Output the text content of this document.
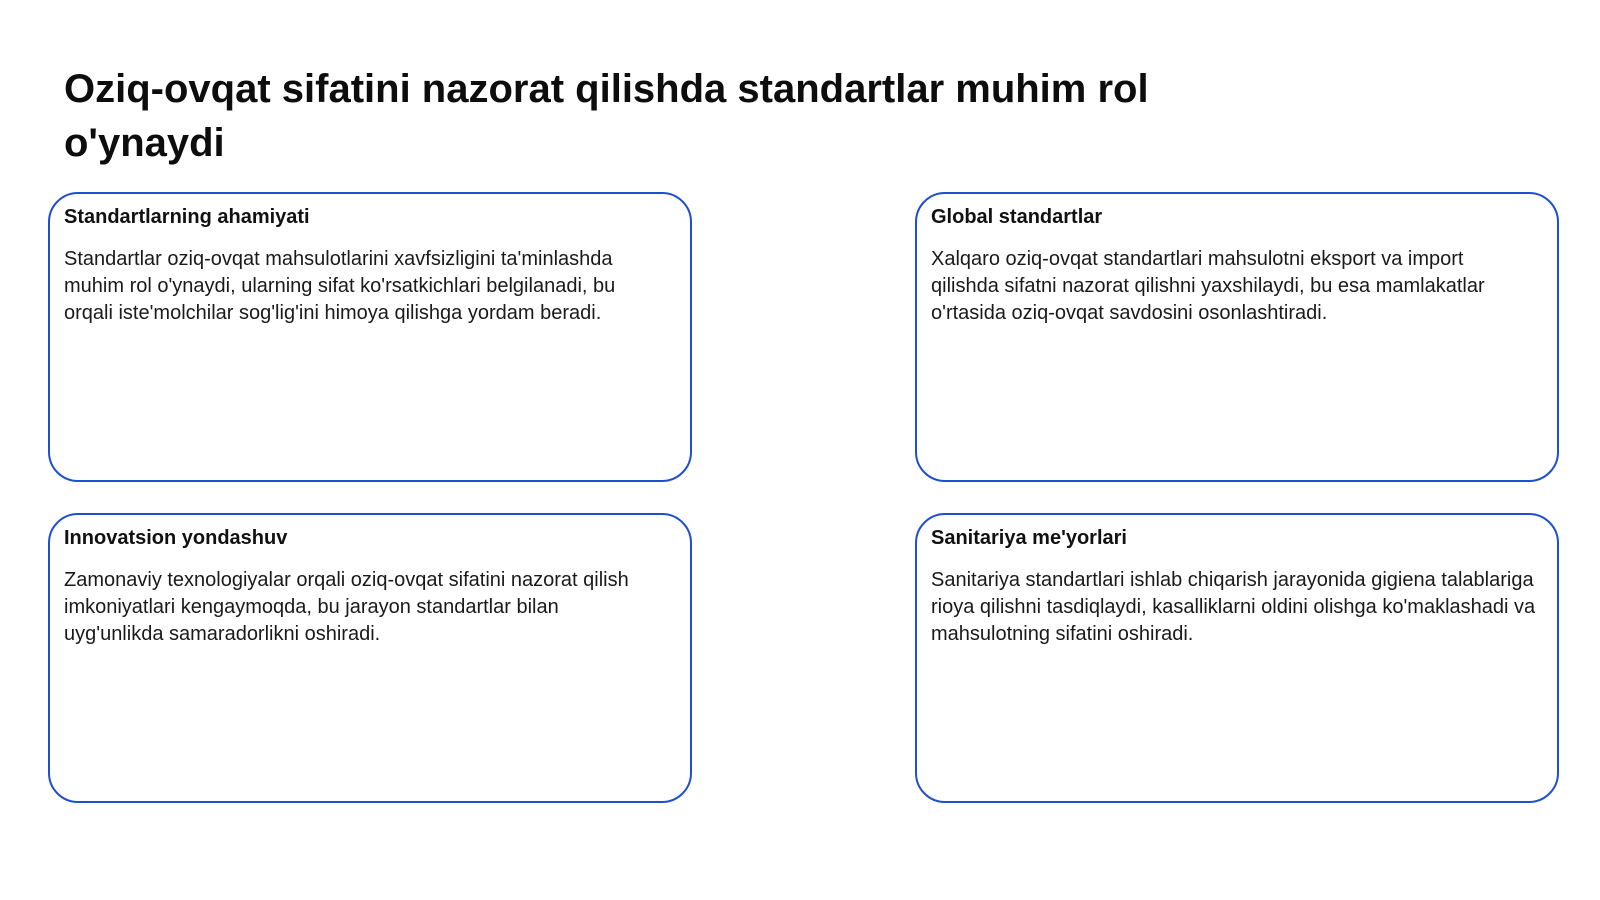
Oziq-ovqat sifatini nazorat qilishda standartlar muhim rol o'ynaydi
Standartlarning ahamiyati

Standartlar oziq-ovqat mahsulotlarini xavfsizligini ta'minlashda muhim rol o'ynaydi, ularning sifat ko'rsatkichlari belgilanadi, bu orqali iste'molchilar sog'lig'ini himoya qilishga yordam beradi.

Global standartlar

Xalqaro oziq-ovqat standartlari mahsulotni eksport va import qilishda sifatni nazorat qilishni yaxshilaydi, bu esa mamlakatlar o'rtasida oziq-ovqat savdosini osonlashtiradi.

Innovatsion yondashuv

Zamonaviy texnologiyalar orqali oziq-ovqat sifatini nazorat qilish imkoniyatlari kengaymoqda, bu jarayon standartlar bilan uyg'unlikda samaradorlikni oshiradi.

Sanitariya me'yorlari

Sanitariya standartlari ishlab chiqarish jarayonida gigiena talablariga rioya qilishni tasdiqlaydi, kasalliklarni oldini olishga ko'maklashadi va mahsulotning sifatini oshiradi.
